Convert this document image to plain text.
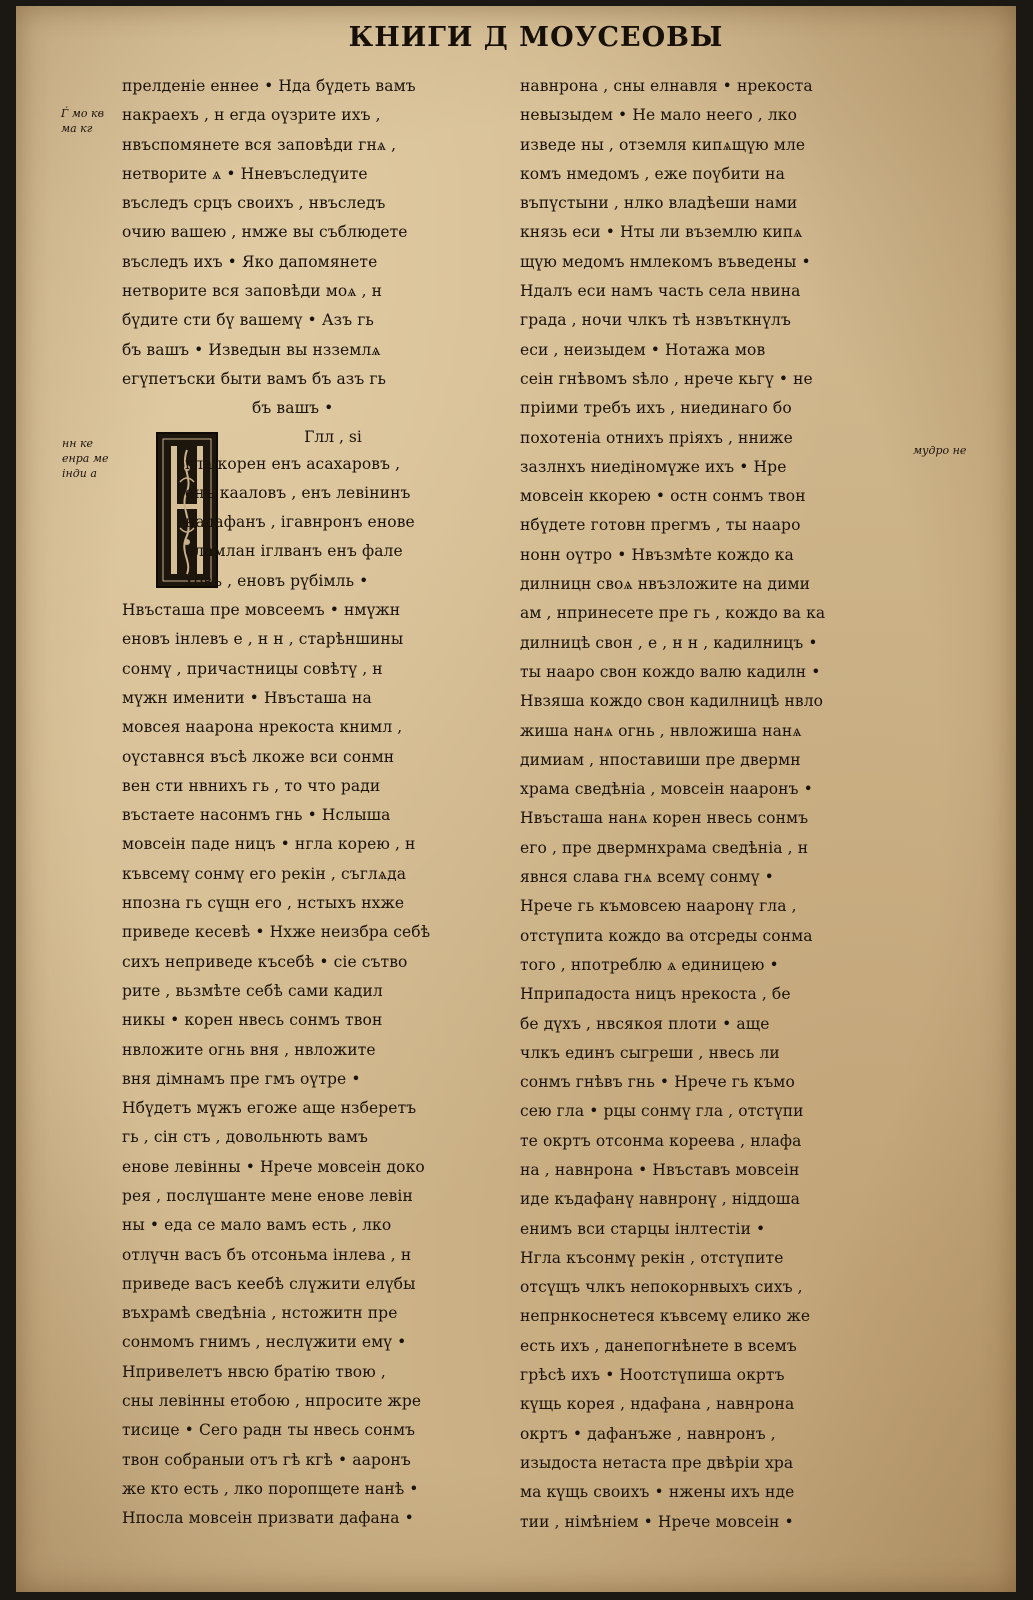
КНИГИ Д МОУСЕОВЫ
Ѓ мо кв
ма кг
нн ке
енра ме
інди а
мудро не
прелденіе еннее • Нда бүдеть вамъ
накраехъ , н егда оүзрите ихъ ,
нвъспомянете вся заповѣди гнѧ ,
нетворите ѧ • Нневъследүите
въследъ срцъ своихъ , нвъследъ
очию вашею , нмже вы съблюдете
въследъ ихъ • Яко дапомянете
нетворите вся заповѣди моѧ , н
бүдите сти бү вашемү • Азъ гь
бъ вашъ • Изведын вы нзземлѧ
егүпетъски быти вамъ бъ азъ гь
бъ вашъ •
Глл , ѕі
гла корен енъ асахаровъ ,
енъ кааловъ , енъ левінинъ
надафанъ , ігавнронъ енове
еламлан іглванъ енъ фале
ховъ , еновъ рүбімль •
Нвъсташа пре мовсеемъ • нмүжн
еновъ інлевъ е , н н , старѣншины
сонмү , причастницы совѣтү , н
мүжн именити • Нвъсташа на
мовсея наарона нрекоста книмл ,
оүставнся въсѣ лкоже вси сонмн
вен сти нвнихъ гь , то что ради
въстаете насонмъ гнь • Нслыша
мовсеін паде ницъ • нгла корею , н
къвсемү сонмү его рекін , съглѧда
нпозна гь сүщн его , нстыхъ нхже
приведе кесевѣ • Нхже неизбра себѣ
сихъ неприведе късебѣ • сіе сътво
рите , вьзмѣте себѣ сами кадил
никы • корен нвесь сонмъ твон
нвложите огнь вня , нвложите
вня дімнамъ пре гмъ оүтре •
Нбүдетъ мүжъ егоже аще нзберетъ
гь , сін стъ , довольнють вамъ
енове левінны • Нрече мовсеін доко
рея , послүшанте мене енове левін
ны • еда се мало вамъ есть , лко
отлүчн васъ бъ отсоньма інлева , н
приведе васъ кеебѣ слүжити елүбы
въхрамѣ сведѣніа , нстожитн пре
сонмомъ гнимъ , неслүжити емү •
Нпривелетъ нвсю братію твою ,
сны левінны етобою , нпросите жре
тисице • Сего радн ты нвесь сонмъ
твон собраныи отъ гѣ кгѣ • ааронъ
же кто есть , лко поропщете нанѣ •
Нпосла мовсеін призвати дафана •
навнрона , сны елнавля • нрекоста
невызыдем • Не мало неего , лко
изведе ны , отземля кипѧщүю мле
комъ нмедомъ , еже поүбити на
въпүстыни , нлко владѣеши нами
князь еси • Нты ли въземлю кипѧ
щүю медомъ нмлекомъ въведены •
Ндалъ еси намъ часть села нвина
града , ночи члкъ тѣ нзвъткнүлъ
еси , неизыдем • Нотажа мов
сеін гнѣвомъ ѕѣло , нрече кьгү • не
пріими требъ ихъ , ниединаго бо
похотеніа отнихъ пріяхъ , нниже
зазлнхъ ниедіномүже ихъ • Нре
мовсеін ккорею • остн сонмъ твон
нбүдете готовн прегмъ , ты нааро
нонн оүтро • Нвъзмѣте кождо ка
дилницн своѧ нвъзложите на дими
ам , нпринесете пре гь , кождо ва ка
дилницѣ свон , е , н н , кадилницъ •
ты нааро свон кождо валю кадилн •
Нвзяша кождо свон кадилницѣ нвло
жиша нанѧ огнь , нвложиша нанѧ
димиам , нпоставиши пре двермн
храма сведѣніа , мовсеін нааронъ •
Нвъсташа нанѧ корен нвесь сонмъ
его , пре двермнхрама сведѣніа , н
явнся слава гнѧ всемү сонмү •
Нрече гь къмовсею нааронү гла ,
отстүпита кождо ва отсреды сонма
того , нпотреблю ѧ единицею •
Нприпадоста ницъ нрекоста , бе
бе дүхъ , нвсякоя плоти • аще
члкъ единъ сыгреши , нвесь ли
сонмъ гнѣвъ гнь • Нрече гь къмо
сею гла • рцы сонмү гла , отстүпи
те окртъ отсонма кореева , нлафа
на , навнрона • Нвъставъ мовсеін
иде къдафанү навнронү , ніддоша
енимъ вси старцы інлтестіи •
Нгла късонмү рекін , отстүпите
отсүщъ члкъ непокорнвыхъ сихъ ,
непрнкоснетеся къвсемү елико же
есть ихъ , данепогнѣнете в всемъ
грѣсѣ ихъ • Ноотстүпиша окртъ
күщь корея , ндафана , навнрона
окртъ • дафанъже , навнронъ ,
изыдоста нетаста пре двѣріи хра
ма күщь своихъ • нжены ихъ нде
тии , німѣніем • Нрече мовсеін •
